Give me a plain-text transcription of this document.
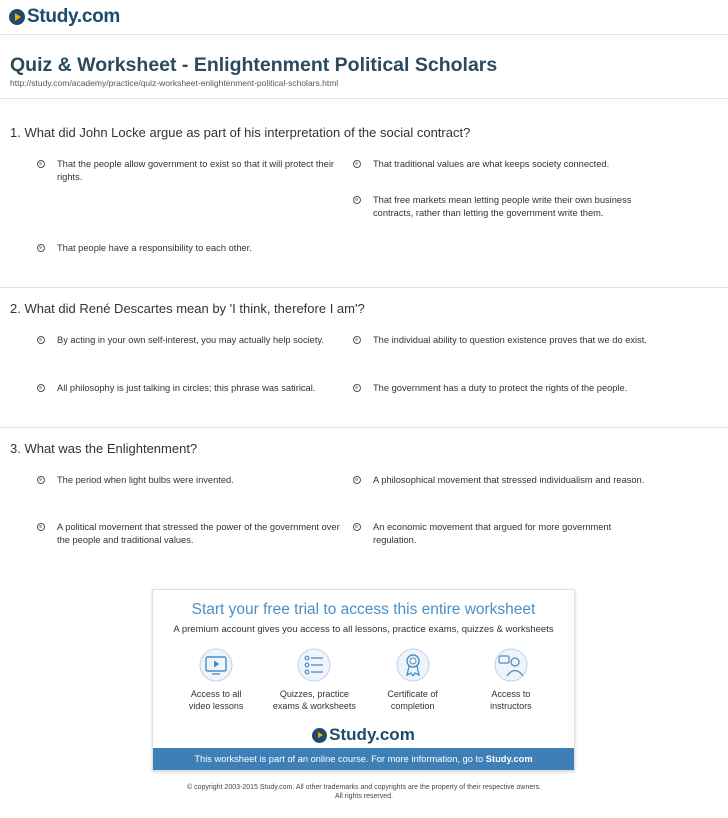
Study.com
Quiz & Worksheet - Enlightenment Political Scholars
http://study.com/academy/practice/quiz-worksheet-enlightenment-political-scholars.html
1. What did John Locke argue as part of his interpretation of the social contract?
That the people allow government to exist so that it will protect their rights.
That traditional values are what keeps society connected.
That free markets mean letting people write their own business contracts, rather than letting the government write them.
That people have a responsibility to each other.
2. What did René Descartes mean by 'I think, therefore I am'?
By acting in your own self-interest, you may actually help society.	The individual ability to question existence proves that we do exist.
All philosophy is just talking in circles; this phrase was satirical.	The government has a duty to protect the rights of the people.
3. What was the Enlightenment?
The period when light bulbs were invented.	A philosophical movement that stressed individualism and reason.
A political movement that stressed the power of the government over the people and traditional values.
An economic movement that argued for more government regulation.
Start your free trial to access this entire worksheet
A premium account gives you access to all lessons, practice exams, quizzes & worksheets
Access to all
video lessons
Quizzes, practice
exams & worksheets
Certificate of
completion
Access to
instructors
Study.com
This worksheet is part of an online course. For more information, go to Study.com
© copyright 2003-2015 Study.com. All other trademarks and copyrights are the property of their respective owners.
All rights reserved.
